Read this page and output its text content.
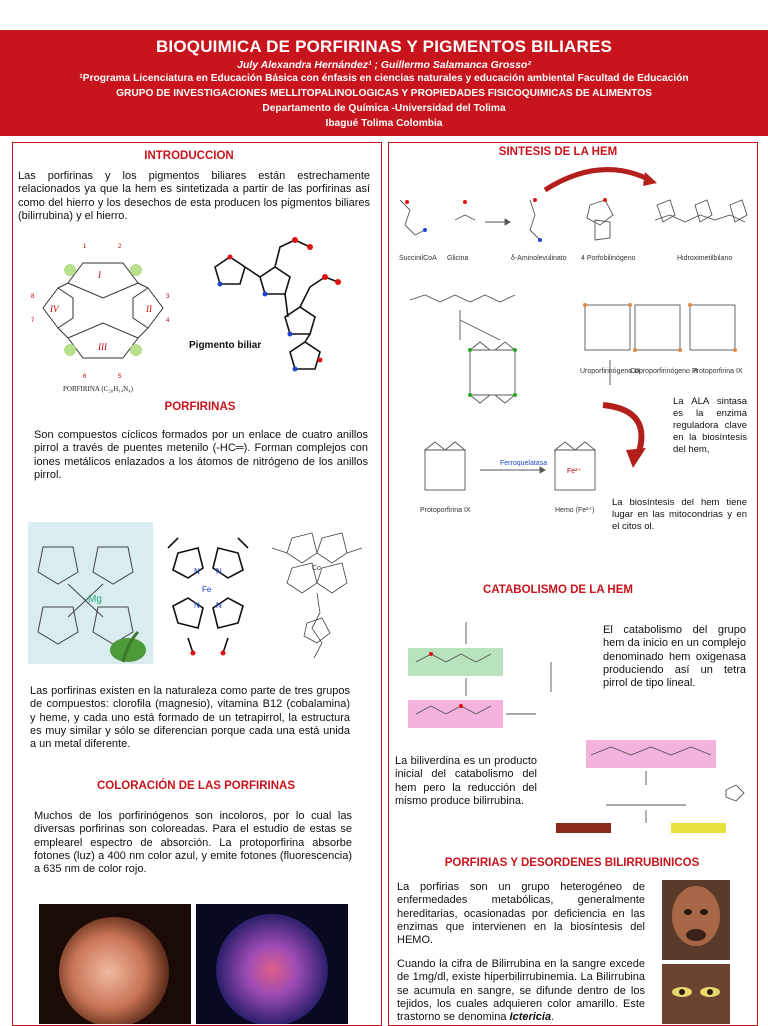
BIOQUIMICA DE PORFIRINAS Y PIGMENTOS BILIARES
July Alexandra Hernández¹ ; Guillermo Salamanca Grosso²
¹Programa Licenciatura en Educación Básica con énfasis en ciencias naturales y educación ambiental Facultad de Educación
GRUPO DE INVESTIGACIONES MELLITOPALINOLOGICAS Y PROPIEDADES FISICOQUIMICAS DE ALIMENTOS
Departamento de Química -Universidad del Tolima
Ibagué Tolima Colombia
INTRODUCCION
Las porfirinas y los pigmentos biliares están estrechamente relacionados ya que la hem es sintetizada a partir de las porfirinas así como del hierro y los desechos de esta producen los pigmentos biliares (bilirrubina) y el hierro.
I
II
III
IV
1	2
3
4
5
6
7
8
PORFIRINA (C₂₀H₁₄N₄)
Pigmento biliar
PORFIRINAS
Son compuestos cíclicos formados por un enlace de cuatro anillos pirrol a través de puentes metenilo (-HC═). Forman complejos con iones metálicos enlazados a los átomos de nitrógeno de los anillos pirrol.
Mg
N N
N N
Fe
Co
Las porfirinas existen en la naturaleza como parte de tres grupos de compuestos: clorofila (magnesio), vitamina B12 (cobalamina) y heme, y cada uno está formado de un tetrapirrol, la estructura es muy similar y sólo se diferencian porque cada una está unida a un metal diferente.
COLORACIÓN DE LAS PORFIRINAS
Muchos de los porfirinógenos son incoloros, por lo cual las diversas porfirinas son coloreadas. Para el estudio de estas se emplearel espectro de absorción. La protoporfirina absorbe fotones (luz) a 400 nm color azul, y emite fotones (fluorescencia) a 635 nm de color rojo.
SINTESIS DE LA HEM
SuccinilCoA Glicina	δ-Aminolevulinato 4 Porfobilinógeno	Hidroximetilbilano
Uroporfirinógeno III
Coproporfirinógeno III
Protoporfirina IX
La ALA sintasa es la enzima reguladora clave en la biosíntesis del hem,
Ferroquelatasa
Fe²⁺
Protoporfirina IX	Hemo (Fe²⁺)
La biosíntesis del hem tiene lugar en las mitocondrias y en el citos ol.
CATABOLISMO DE LA HEM
El catabolismo del grupo hem da inicio en un complejo denominado hem oxigenasa produciendo así un tetra pirrol de tipo lineal.
La biliverdina es un producto inicial del catabolismo del hem pero la reducción del mismo produce bilirrubina.
PORFIRIAS Y DESORDENES BILIRRUBINICOS
La porfirias son un grupo heterogéneo de enfermedades metabólicas, generalmente hereditarias, ocasionadas por deficiencia en las enzimas que intervienen en la biosíntesis del HEMO.
Cuando la cifra de Bilirrubina en la sangre excede de 1mg/dl, existe hiperbilirrubinemia. La Bilirrubina se acumula en sangre, se difunde dentro de los tejidos, los cuales adquieren color amarillo. Este trastorno se denomina Ictericia.
